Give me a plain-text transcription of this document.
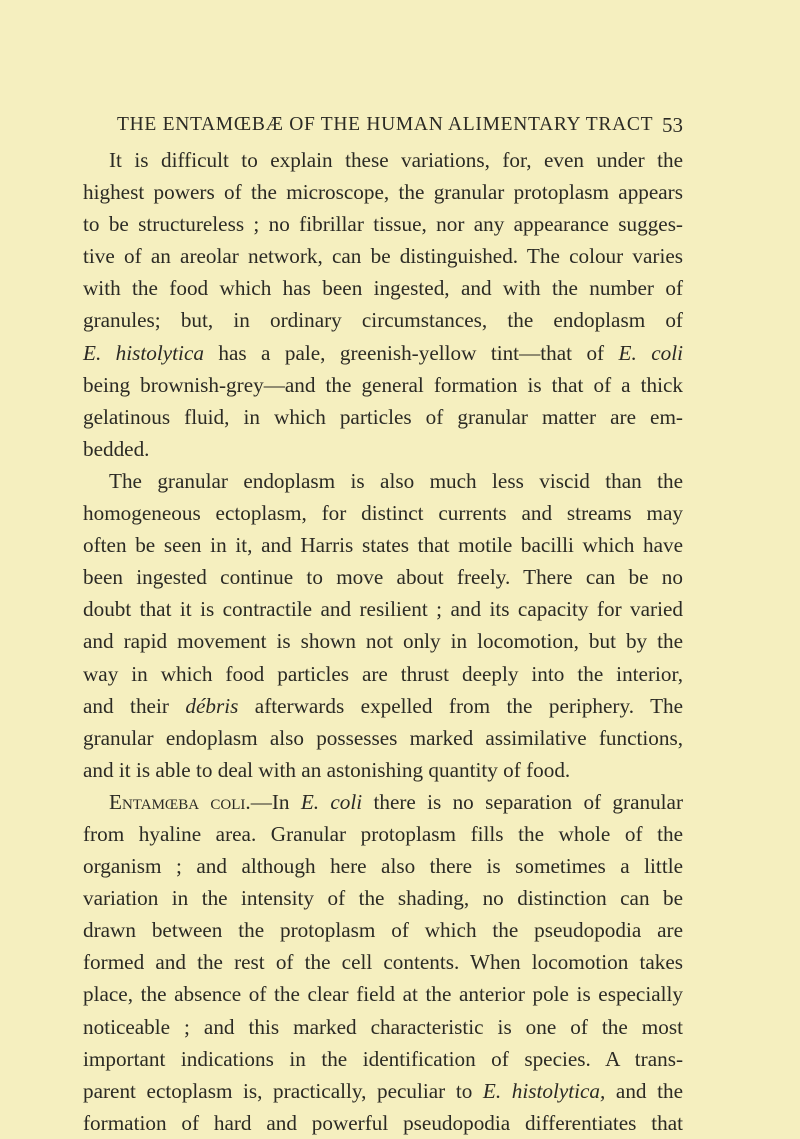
THE ENTAMŒBÆ OF THE HUMAN ALIMENTARY TRACT 53
It is difficult to explain these variations, for, even under the
highest powers of the microscope, the granular protoplasm appears
to be structureless ; no fibrillar tissue, nor any appearance sugges-
tive of an areolar network, can be distinguished. The colour varies
with the food which has been ingested, and with the number of
granules; but, in ordinary circumstances, the endoplasm of
E. histolytica has a pale, greenish-yellow tint—that of E. coli
being brownish-grey—and the general formation is that of a thick
gelatinous fluid, in which particles of granular matter are em-
bedded.
The granular endoplasm is also much less viscid than the
homogeneous ectoplasm, for distinct currents and streams may
often be seen in it, and Harris states that motile bacilli which have
been ingested continue to move about freely. There can be no
doubt that it is contractile and resilient ; and its capacity for varied
and rapid movement is shown not only in locomotion, but by the
way in which food particles are thrust deeply into the interior,
and their débris afterwards expelled from the periphery. The
granular endoplasm also possesses marked assimilative functions,
and it is able to deal with an astonishing quantity of food.
Entamœba coli.—In E. coli there is no separation of granular
from hyaline area. Granular protoplasm fills the whole of the
organism ; and although here also there is sometimes a little
variation in the intensity of the shading, no distinction can be
drawn between the protoplasm of which the pseudopodia are
formed and the rest of the cell contents. When locomotion takes
place, the absence of the clear field at the anterior pole is especially
noticeable ; and this marked characteristic is one of the most
important indications in the identification of species. A trans-
parent ectoplasm is, practically, peculiar to E. histolytica, and the
formation of hard and powerful pseudopodia differentiates that
